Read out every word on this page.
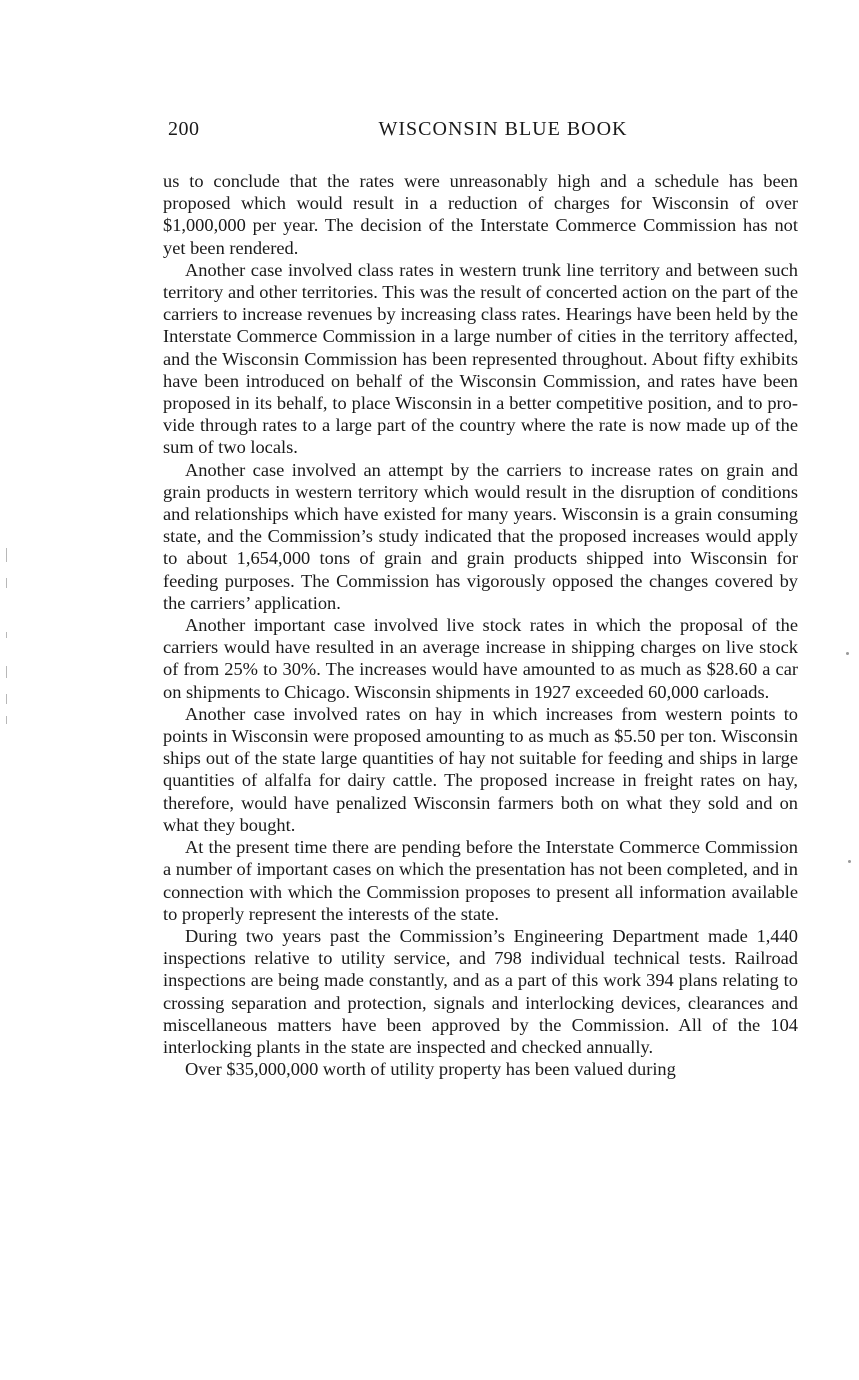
200	WISCONSIN BLUE BOOK

us to conclude that the rates were unreasonably high and a schedule has been proposed which would result in a reduction of charges for Wisconsin of over $1,000,000 per year. The decision of the Interstate Commerce Commission has not yet been rendered.

Another case involved class rates in western trunk line territory and between such territory and other territories. This was the result of concerted action on the part of the carriers to increase revenues by increasing class rates. Hearings have been held by the Interstate Commerce Commission in a large number of cities in the territory affected, and the Wisconsin Commission has been represented throughout. About fifty exhibits have been introduced on behalf of the Wisconsin Commission, and rates have been proposed in its behalf, to place Wisconsin in a better competitive position, and to provide through rates to a large part of the country where the rate is now made up of the sum of two locals.

Another case involved an attempt by the carriers to increase rates on grain and grain products in western territory which would result in the disruption of conditions and relationships which have existed for many years. Wisconsin is a grain consuming state, and the Commission’s study indicated that the proposed increases would apply to about 1,654,000 tons of grain and grain products shipped into Wisconsin for feeding purposes. The Commission has vigorously opposed the changes covered by the carriers’ application.

Another important case involved live stock rates in which the proposal of the carriers would have resulted in an average increase in shipping charges on live stock of from 25% to 30%. The increases would have amounted to as much as $28.60 a car on shipments to Chicago. Wisconsin shipments in 1927 exceeded 60,000 carloads.

Another case involved rates on hay in which increases from western points to points in Wisconsin were proposed amounting to as much as $5.50 per ton. Wisconsin ships out of the state large quantities of hay not suitable for feeding and ships in large quantities of alfalfa for dairy cattle. The proposed increase in freight rates on hay, therefore, would have penalized Wisconsin farmers both on what they sold and on what they bought.

At the present time there are pending before the Interstate Commerce Commission a number of important cases on which the presentation has not been completed, and in connection with which the Commission proposes to present all information available to properly represent the interests of the state.

During two years past the Commission’s Engineering Department made 1,440 inspections relative to utility service, and 798 individual technical tests. Railroad inspections are being made constantly, and as a part of this work 394 plans relating to crossing separation and protection, signals and interlocking devices, clearances and miscellaneous matters have been approved by the Commission. All of the 104 interlocking plants in the state are inspected and checked annually.

Over $35,000,000 worth of utility property has been valued during
